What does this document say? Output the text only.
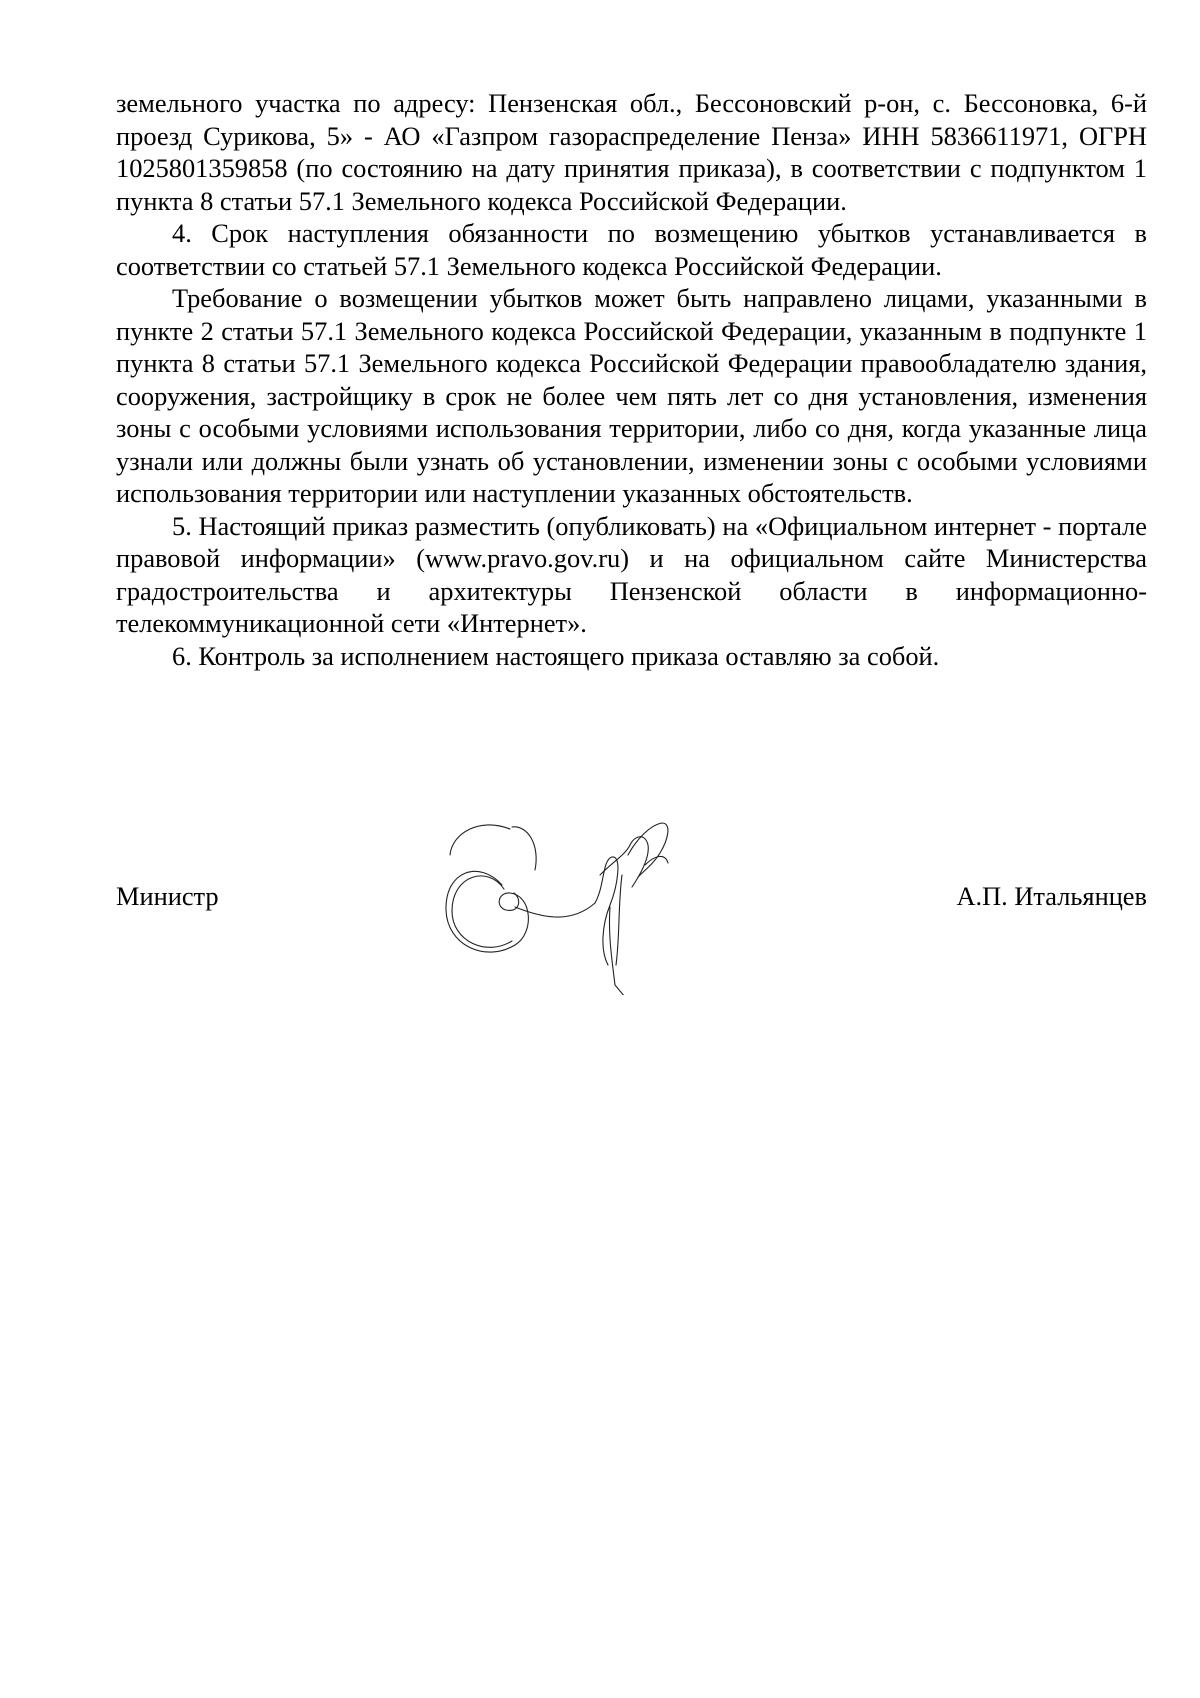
земельного участка по адресу: Пензенская обл., Бессоновский р-он, с. Бессоновка, 6-й проезд Сурикова, 5» - АО «Газпром газораспределение Пенза» ИНН 5836611971, ОГРН 1025801359858 (по состоянию на дату принятия приказа), в соответствии с подпунктом 1 пункта 8 статьи 57.1 Земельного кодекса Российской Федерации.

4. Срок наступления обязанности по возмещению убытков устанавливается в соответствии со статьей 57.1 Земельного кодекса Российской Федерации.

Требование о возмещении убытков может быть направлено лицами, указанными в пункте 2 статьи 57.1 Земельного кодекса Российской Федерации, указанным в подпункте 1 пункта 8 статьи 57.1 Земельного кодекса Российской Федерации правообладателю здания, сооружения, застройщику в срок не более чем пять лет со дня установления, изменения зоны с особыми условиями использования территории, либо со дня, когда указанные лица узнали или должны были узнать об установлении, изменении зоны с особыми условиями использования территории или наступлении указанных обстоятельств.

5. Настоящий приказ разместить (опубликовать) на «Официальном интернет - портале правовой информации» (www.pravo.gov.ru) и на официальном сайте Министерства градостроительства и архитектуры Пензенской области в информационно-телекоммуникационной сети «Интернет».

6. Контроль за исполнением настоящего приказа оставляю за собой.

Министр	А.П. Итальянцев
